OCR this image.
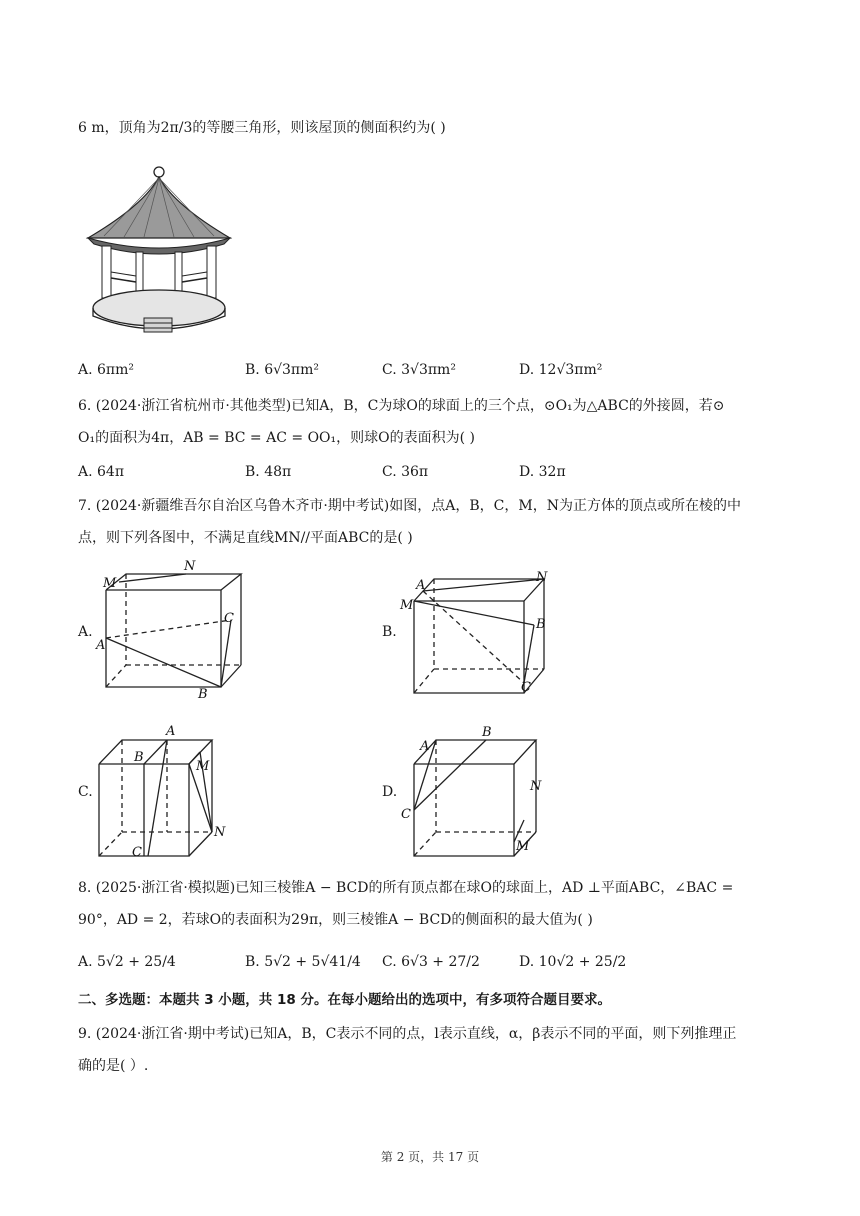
6 m，顶角为2π/3的等腰三角形，则该屋顶的侧面积约为( )
A. 6πm²	B. 6√3πm²	C. 3√3πm²	D. 12√3πm²
6. (2024·浙江省杭州市·其他类型)已知A，B，C为球O的球面上的三个点，⊙O₁为△ABC的外接圆，若⊙
O₁的面积为4π，AB = BC = AC = OO₁，则球O的表面积为( )
A. 64π	B. 48π	C. 36π	D. 32π
7. (2024·新疆维吾尔自治区乌鲁木齐市·期中考试)如图，点A，B，C，M，N为正方体的顶点或所在棱的中
点，则下列各图中，不满足直线MN//平面ABC的是( )
A.
M
N
A
C
B
B.
A
N
M
B
C
C.
A
B
M
N
C
D.
A
B
C
N
M
8. (2025·浙江省·模拟题)已知三棱锥A − BCD的所有顶点都在球O的球面上，AD ⊥平面ABC，∠BAC =
90°，AD = 2，若球O的表面积为29π，则三棱锥A − BCD的侧面积的最大值为( )
A. 5√2 + 25/4	B. 5√2 + 5√41/4 C. 6√3 + 27/2	D. 10√2 + 25/2
二、多选题：本题共 3 小题，共 18 分。在每小题给出的选项中，有多项符合题目要求。
9. (2024·浙江省·期中考试)已知A，B，C表示不同的点，l表示直线，α，β表示不同的平面，则下列推理正
确的是( ）.
第 2 页，共 17 页
